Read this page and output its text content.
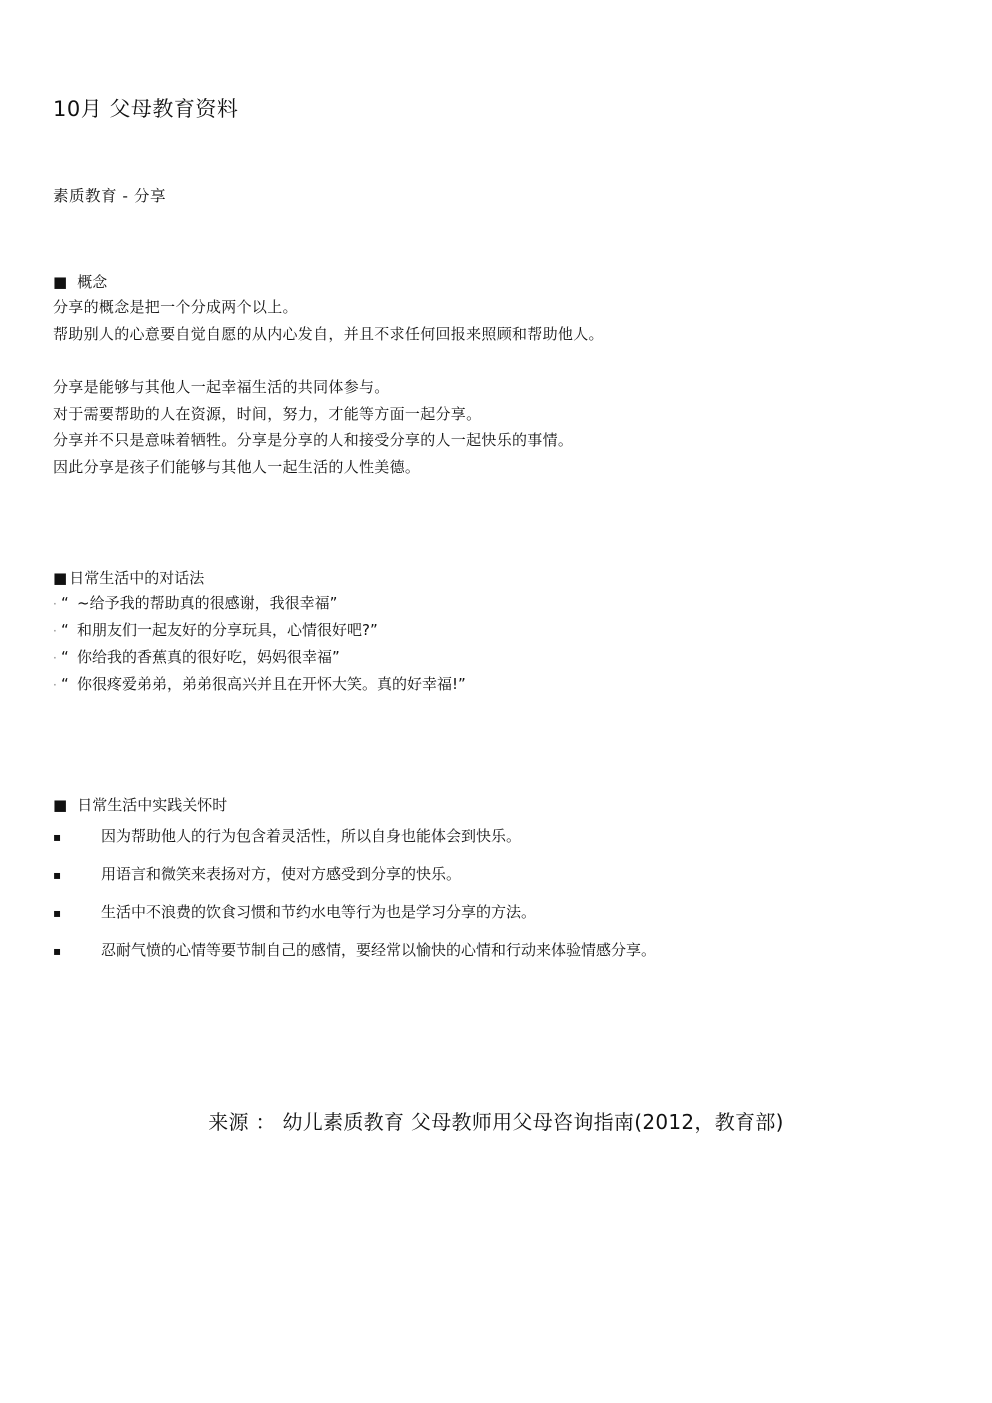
10月 父母教育资料
素质教育 - 分享
■ 概念
分享的概念是把一个分成两个以上。
帮助别人的心意要自觉自愿的从内心发自，并且不求任何回报来照顾和帮助他人。
分享是能够与其他人一起幸福生活的共同体参与。
对于需要帮助的人在资源，时间，努力，才能等方面一起分享。
分享并不只是意味着牺牲。分享是分享的人和接受分享的人一起快乐的事情。
因此分享是孩子们能够与其他人一起生活的人性美德。
■ 日常生活中的对话法
· “ ~给予我的帮助真的很感谢，我很幸福”
· “ 和朋友们一起友好的分享玩具，心情很好吧?”
· “ 你给我的香蕉真的很好吃，妈妈很幸福”
· “ 你很疼爱弟弟，弟弟很高兴并且在开怀大笑。真的好幸福!”
■ 日常生活中实践关怀时
▪	因为帮助他人的行为包含着灵活性，所以自身也能体会到快乐。
▪	用语言和微笑来表扬对方，使对方感受到分享的快乐。
▪	生活中不浪费的饮食习惯和节约水电等行为也是学习分享的方法。
▪	忍耐气愤的心情等要节制自己的感情，要经常以愉快的心情和行动来体验情感分享。
来源 ： 幼儿素质教育 父母教师用父母咨询指南(2012，教育部)
